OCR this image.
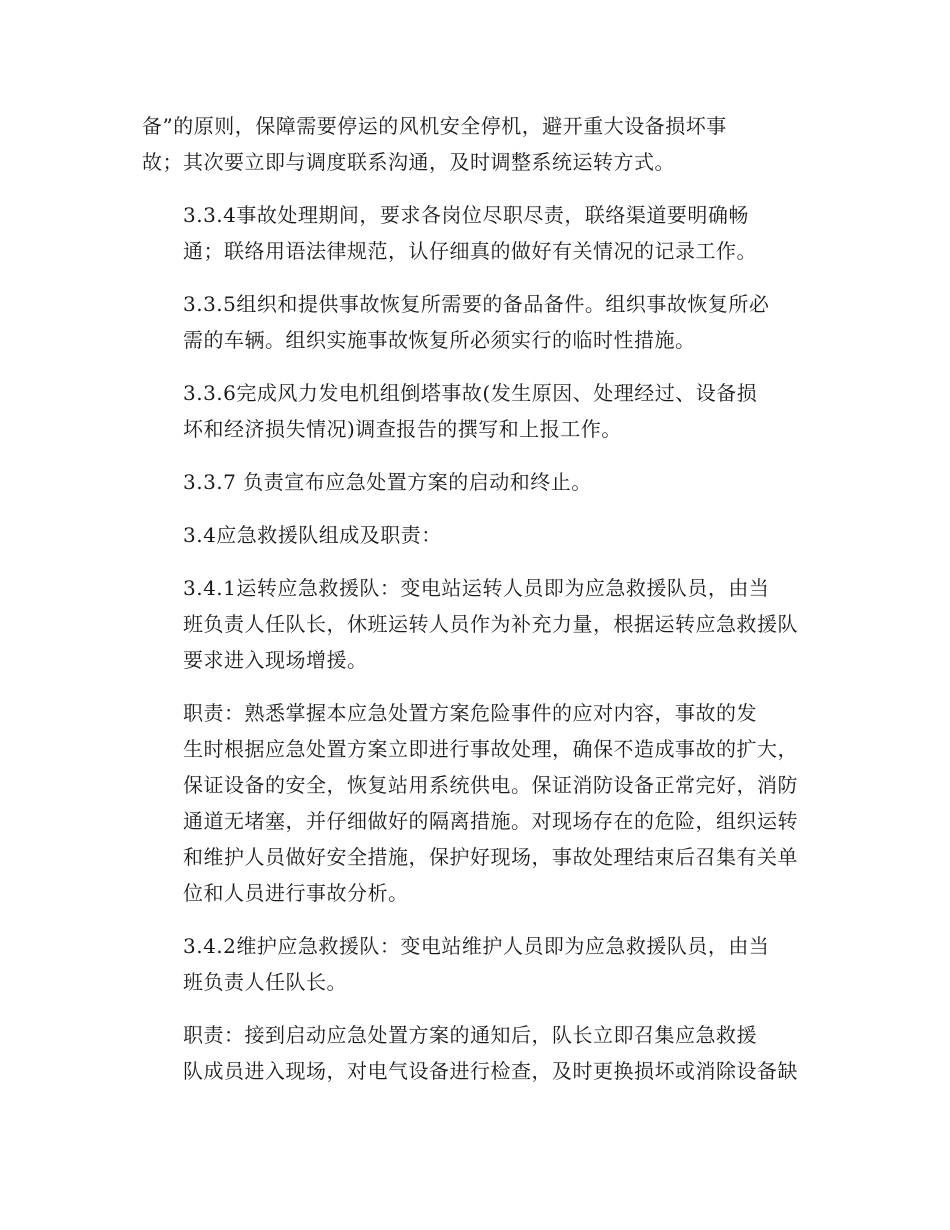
备”的原则，保障需要停运的风机安全停机，避开重大设备损坏事
故；其次要立即与调度联系沟通，及时调整系统运转方式。

3.3.4事故处理期间，要求各岗位尽职尽责，联络渠道要明确畅
通；联络用语法律规范，认仔细真的做好有关情况的记录工作。

3.3.5组织和提供事故恢复所需要的备品备件。组织事故恢复所必
需的车辆。组织实施事故恢复所必须实行的临时性措施。

3.3.6完成风力发电机组倒塔事故(发生原因、处理经过、设备损
坏和经济损失情况)调查报告的撰写和上报工作。

3.3.7 负责宣布应急处置方案的启动和终止。

3.4应急救援队组成及职责：

3.4.1运转应急救援队：变电站运转人员即为应急救援队员，由当
班负责人任队长，休班运转人员作为补充力量，根据运转应急救援队
要求进入现场增援。

职责：熟悉掌握本应急处置方案危险事件的应对内容，事故的发
生时根据应急处置方案立即进行事故处理，确保不造成事故的扩大，
保证设备的安全，恢复站用系统供电。保证消防设备正常完好，消防
通道无堵塞，并仔细做好的隔离措施。对现场存在的危险，组织运转
和维护人员做好安全措施，保护好现场，事故处理结束后召集有关单
位和人员进行事故分析。

3.4.2维护应急救援队：变电站维护人员即为应急救援队员，由当
班负责人任队长。

职责：接到启动应急处置方案的通知后，队长立即召集应急救援
队成员进入现场，对电气设备进行检查，及时更换损坏或消除设备缺
